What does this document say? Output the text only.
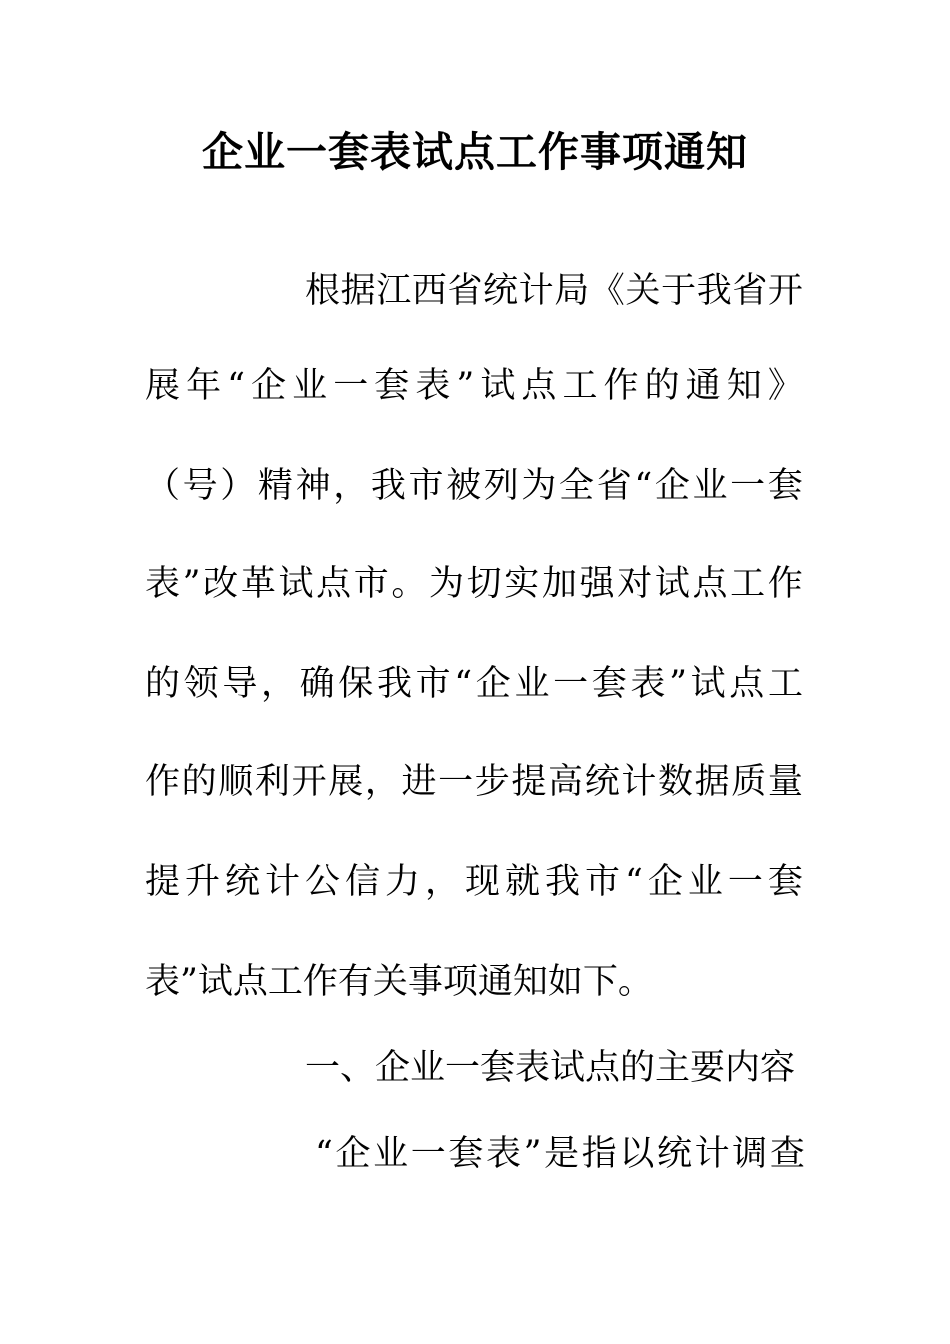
企业一套表试点工作事项通知
根 据 江 西 省 统 计 局 《 关 于 我 省 开
展 年 “ 企 业 一 套 表 ” 试 点 工 作 的 通 知 》
（ 号 ） 精 神 ， 我 市 被 列 为 全 省 “ 企 业 一 套
表 ” 改 革 试 点 市 。 为 切 实 加 强 对 试 点 工 作
的 领 导 ， 确 保 我 市 “ 企 业 一 套 表 ” 试 点 工
作 的 顺 利 开 展 ， 进 一 步 提 高 统 计 数 据 质 量
提 升 统 计 公 信 力 ， 现 就 我 市 “ 企 业 一 套
表”试点工作有关事项通知如下。
一、企业一套表试点的主要内容
“ 企 业 一 套 表 ” 是 指 以 统 计 调 查
